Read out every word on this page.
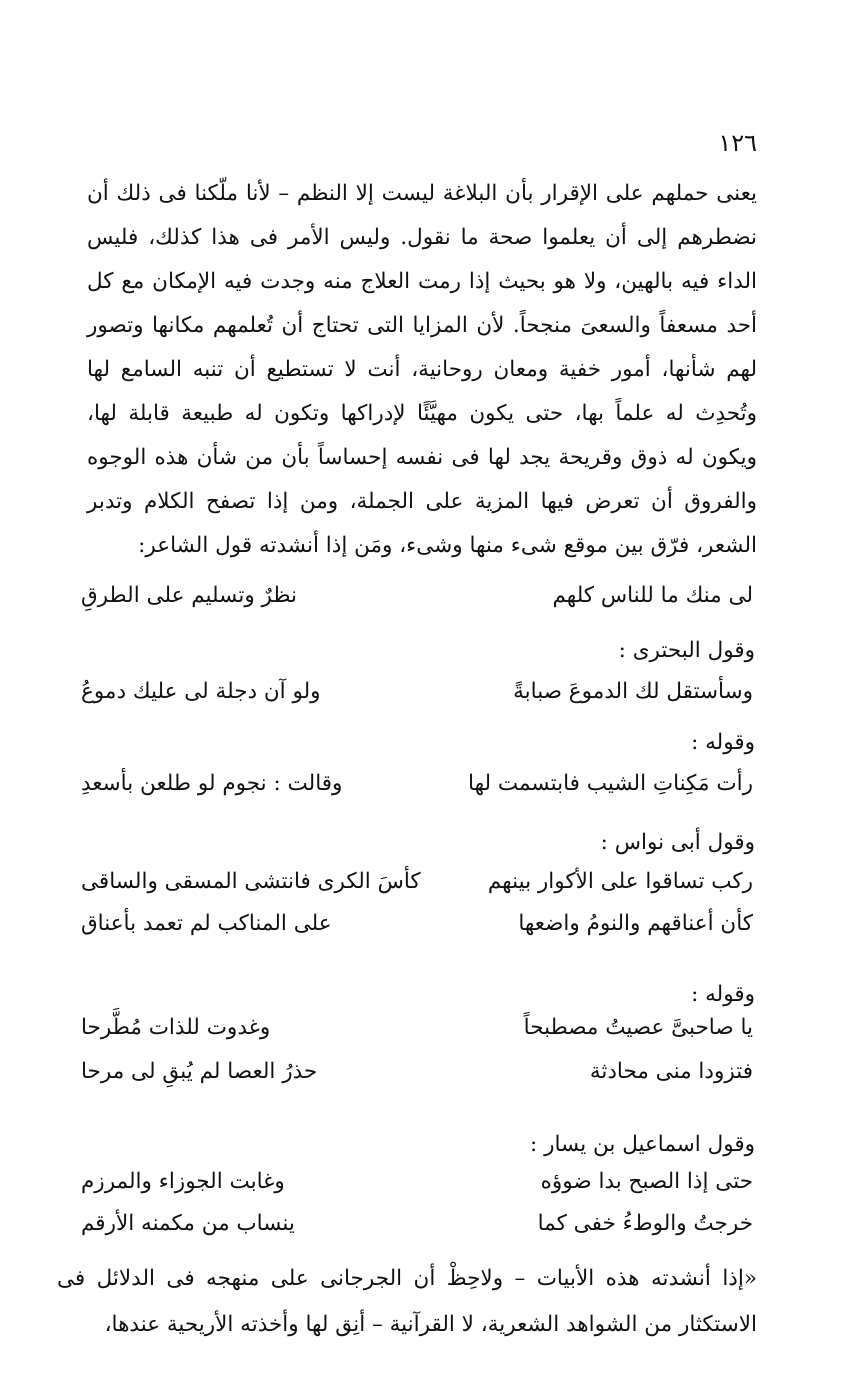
١٢٦
يعنى حملهم على الإقرار بأن البلاغة ليست إلا النظم – لأنا ملّكنا فى ذلك أن نضطرهم إلى أن يعلموا صحة ما نقول. وليس الأمر فى هذا كذلك، فليس الداء فيه بالهين، ولا هو بحيث إذا رمت العلاج منه وجدت فيه الإمكان مع كل أحد مسعفاً والسعىَ منجحاً. لأن المزايا التى تحتاج أن تُعلمهم مكانها وتصور لهم شأنها، أمور خفية ومعان روحانية، أنت لا تستطيع أن تنبه السامع لها وتُحدِث له علماً بها، حتى يكون مهيَّئًا لإدراكها وتكون له طبيعة قابلة لها، ويكون له ذوق وقريحة يجد لها فى نفسه إحساساً بأن من شأن هذه الوجوه والفروق أن تعرض فيها المزية على الجملة، ومن إذا تصفح الكلام وتدبر الشعر، فرّق بين موقع شىء منها وشىء، ومَن إذا أنشدته قول الشاعر:
لى منك ما للناس كلهم
نظرٌ وتسليم على الطرقِ
وقول البحترى :
وسأستقل لك الدموعَ صبابةً
ولو آن دجلة لى عليك دموعُ
وقوله :
رأت مَكِناتِ الشيب فابتسمت لها
وقالت : نجوم لو طلعن بأسعدِ
وقول أبى نواس :
ركب تساقوا على الأكوار بينهم
كأسَ الكرى فانتشى المسقى والساقى
كأن أعناقهم والنومُ واضعها
على المناكب لم تعمد بأعناق
وقوله :
يا صاحبىَّ عصيتُ مصطبحاً
وغدوت للذات مُطَّرحا
فتزودا منى محادثة
حذرُ العصا لم يُبقِ لى مرحا
وقول اسماعيل بن يسار :
حتى إذا الصبح بدا ضوؤه
وغابت الجوزاء والمرزم
خرجتُ والوطءُ خفى كما
ينساب من مكمنه الأرقم
«إذا أنشدته هذه الأبيات – ولاحِظْ أن الجرجانى على منهجه فى الدلائل فى الاستكثار من الشواهد الشعرية، لا القرآنية – أنِق لها وأخذته الأريحية عندها،
